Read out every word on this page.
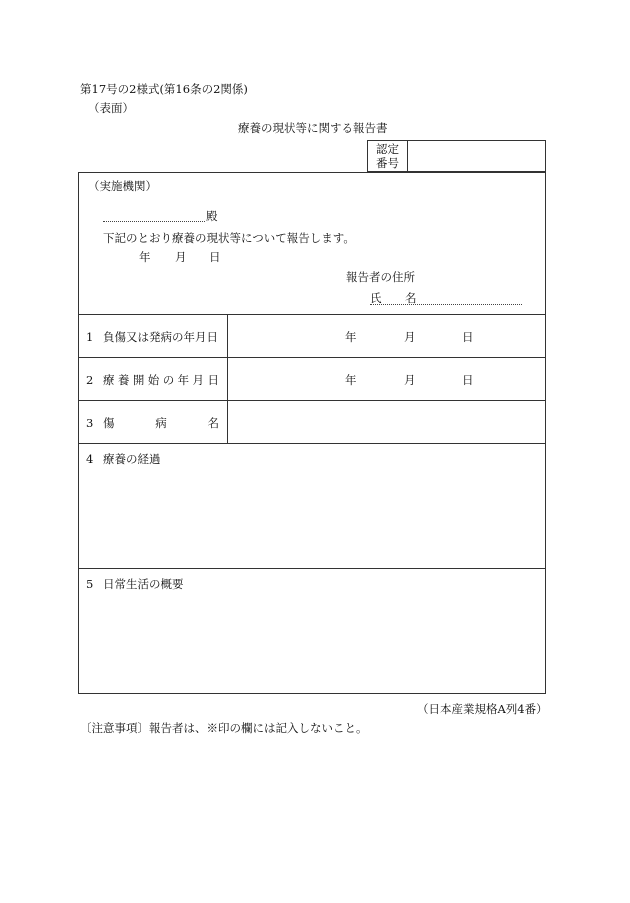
第17号の2様式(第16条の2関係)
（表面）
療養の現状等に関する報告書
認定
番号
（実施機関）
殿
下記のとおり療養の現状等について報告します。
年 月 日
報告者の住所
氏 名
1 負傷又は発病の年月日	年	月	日
2 療 養 開 始 の 年 月 日	年	月	日
3 傷	病	名
4 療養の経過
5 日常生活の概要
（日本産業規格A列4番）
〔注意事項〕報告者は、※印の欄には記入しないこと。
